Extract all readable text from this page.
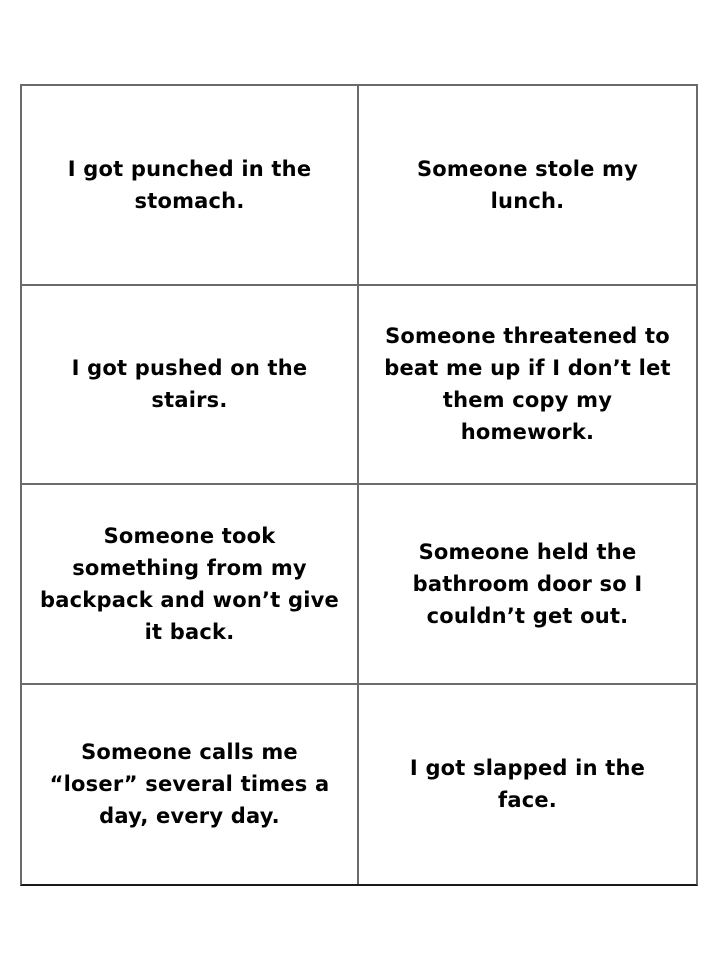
I got punched in the stomach.
Someone stole my lunch.
I got pushed on the stairs.
Someone threatened to beat me up if I don’t let them copy my homework.
Someone took something from my backpack and won’t give it back.
Someone held the bathroom door so I couldn’t get out.
Someone calls me “loser” several times a day, every day.
I got slapped in the face.
